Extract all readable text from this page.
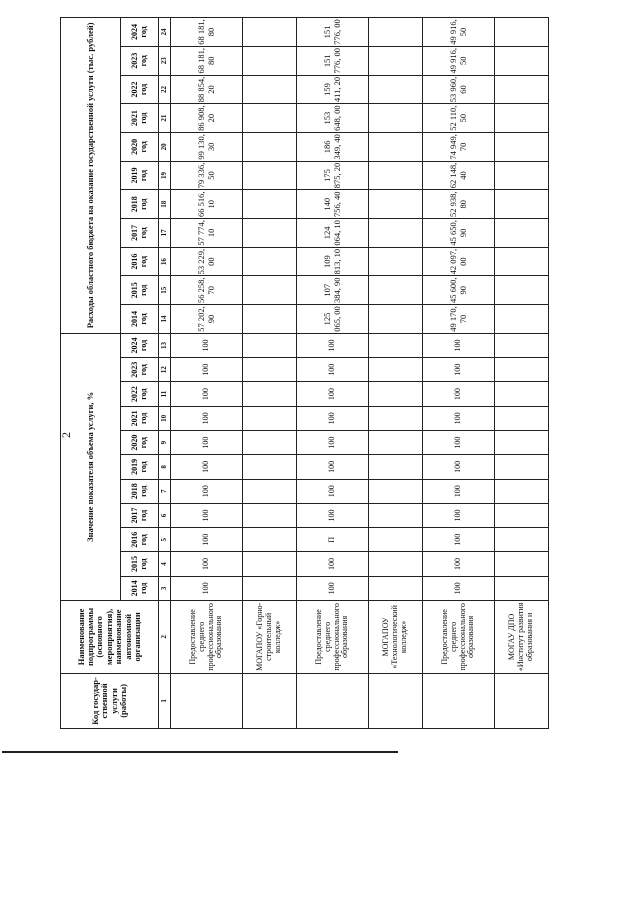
2
Код государ-ственной услуги (работы)	Наименование подпрограммы (основного мероприятия), наименование автономной организации	Значение показателя объема услуги, %											Расходы областного бюджета на оказание государственной услуги (тыс. рублей)										
		2014 год	2015 год	2016 год	2017 год	2018 год	2019 год	2020 год	2021 год	2022 год	2023 год	2024 год	2014 год	2015 год	2016 год	2017 год	2018 год	2019 год	2020 год	2021 год	2022 год	2023 год	2024 год
1	2	3	4	5	6	7	8	9	10	11	12	13	14	15	16	17	18	19	20	21	22	23	24
	Предоставление среднего профессионального образования	100	100	100	100	100	100	100	100	100	100	100	57 202, 90	56 258, 70	53 229, 00	57 774, 10	66 516, 10	79 336, 50	99 130, 30	86 908, 20	88 854, 20	68 181, 80	68 181, 80
	МОГАПОУ «Горно-строительный колледж»																						
	Предоставление среднего профессионального образования	100	100	П	100	100	100	100	100	100	100	100	125 065, 00	107 384, 90	109 813, 10	124 064, 10	140 756, 40	175 875, 20	186 349, 40	153 648, 00	159 411, 20	151 776, 00	151 776, 00
	МОГАПОУ «Технологический колледж»																						
	Предоставление среднего профессионального образования	100	100	100	100	100	100	100	100	100	100	100	49 170, 70	45 600, 90	42 097, 00	45 650, 90	52 938, 80	62 148, 40	74 949, 70	52 110, 50	53 960, 60	49 916, 50	49 916, 50
	МОГАУ ДПО «Институт развития образования и																						
